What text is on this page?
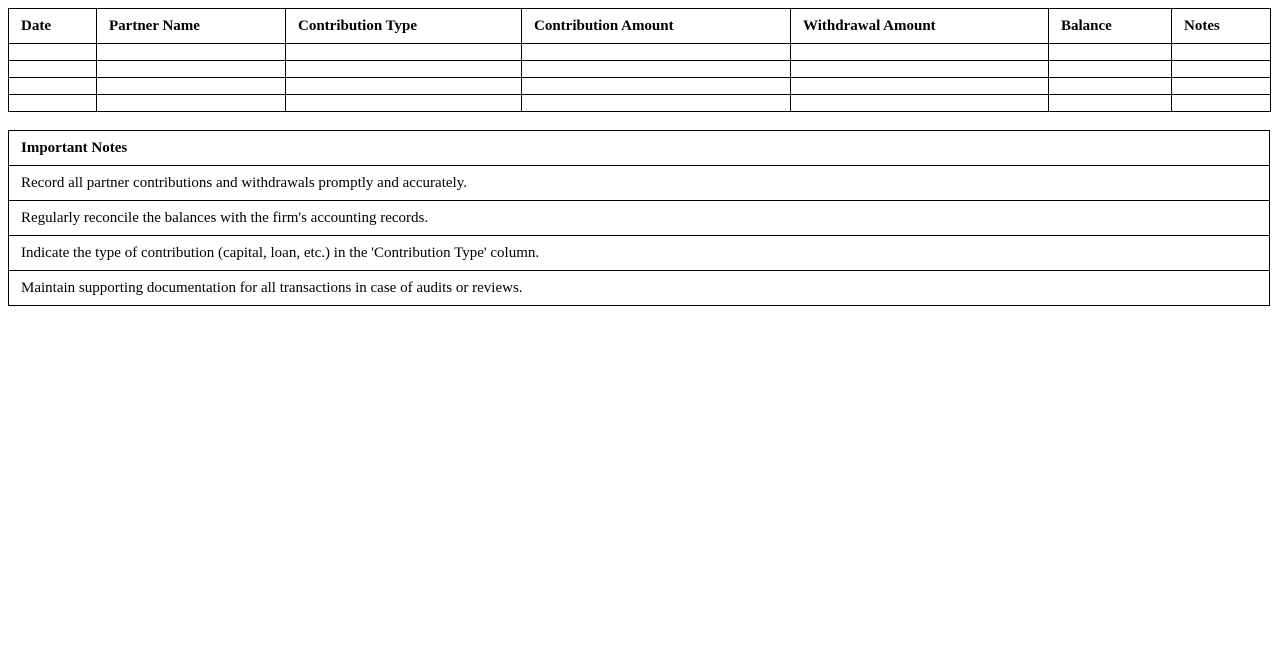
Date	Partner Name	Contribution Type	Contribution Amount	Withdrawal Amount	Balance	Notes

Important Notes
Record all partner contributions and withdrawals promptly and accurately.
Regularly reconcile the balances with the firm's accounting records.
Indicate the type of contribution (capital, loan, etc.) in the 'Contribution Type' column.
Maintain supporting documentation for all transactions in case of audits or reviews.
